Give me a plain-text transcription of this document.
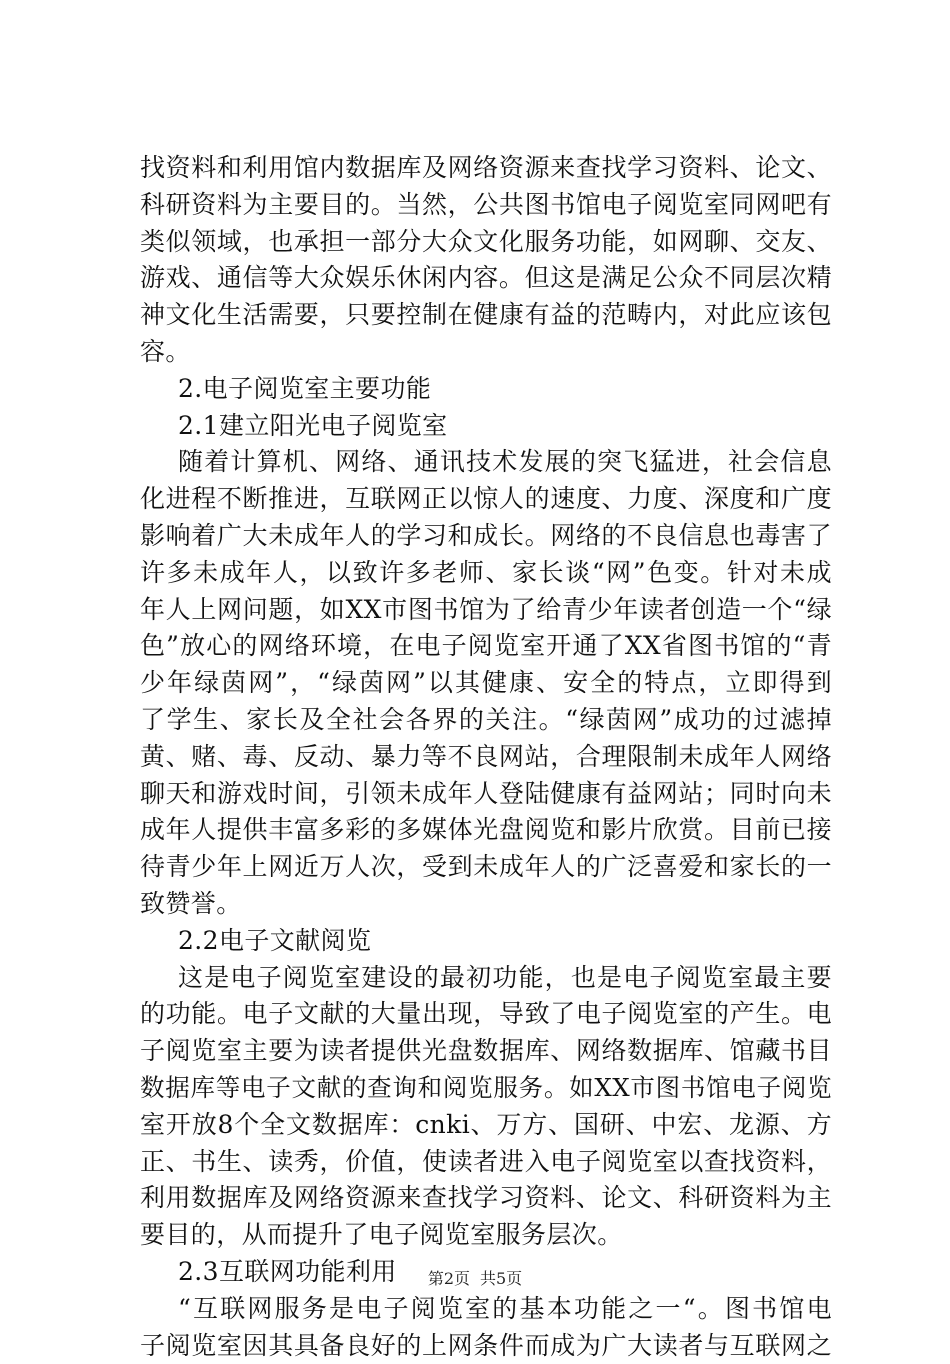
找资料和利用馆内数据库及网络资源来查找学习资料、论文、
科研资料为主要目的。当然，公共图书馆电子阅览室同网吧有
类似领域，也承担一部分大众文化服务功能，如网聊、交友、
游戏、通信等大众娱乐休闲内容。但这是满足公众不同层次精
神文化生活需要，只要控制在健康有益的范畴内，对此应该包
容。
2.电子阅览室主要功能
2.1建立阳光电子阅览室
随着计算机、网络、通讯技术发展的突飞猛进，社会信息
化进程不断推进，互联网正以惊人的速度、力度、深度和广度
影响着广大未成年人的学习和成长。网络的不良信息也毒害了
许多未成年人，以致许多老师、家长谈“网”色变。针对未成
年人上网问题，如XX市图书馆为了给青少年读者创造一个“绿
色”放心的网络环境，在电子阅览室开通了XX省图书馆的“青
少年绿茵网”，“绿茵网”以其健康、安全的特点，立即得到
了学生、家长及全社会各界的关注。“绿茵网”成功的过滤掉
黄、赌、毒、反动、暴力等不良网站，合理限制未成年人网络
聊天和游戏时间，引领未成年人登陆健康有益网站；同时向未
成年人提供丰富多彩的多媒体光盘阅览和影片欣赏。目前已接
待青少年上网近万人次，受到未成年人的广泛喜爱和家长的一
致赞誉。
2.2电子文献阅览
这是电子阅览室建设的最初功能，也是电子阅览室最主要
的功能。电子文献的大量出现，导致了电子阅览室的产生。电
子阅览室主要为读者提供光盘数据库、网络数据库、馆藏书目
数据库等电子文献的查询和阅览服务。如XX市图书馆电子阅览
室开放8个全文数据库：cnki、万方、国研、中宏、龙源、方
正、书生、读秀，价值，使读者进入电子阅览室以查找资料，
利用数据库及网络资源来查找学习资料、论文、科研资料为主
要目的，从而提升了电子阅览室服务层次。
2.3互联网功能利用
“互联网服务是电子阅览室的基本功能之一“。图书馆电
子阅览室因其具备良好的上网条件而成为广大读者与互联网之
第2页 共5页
